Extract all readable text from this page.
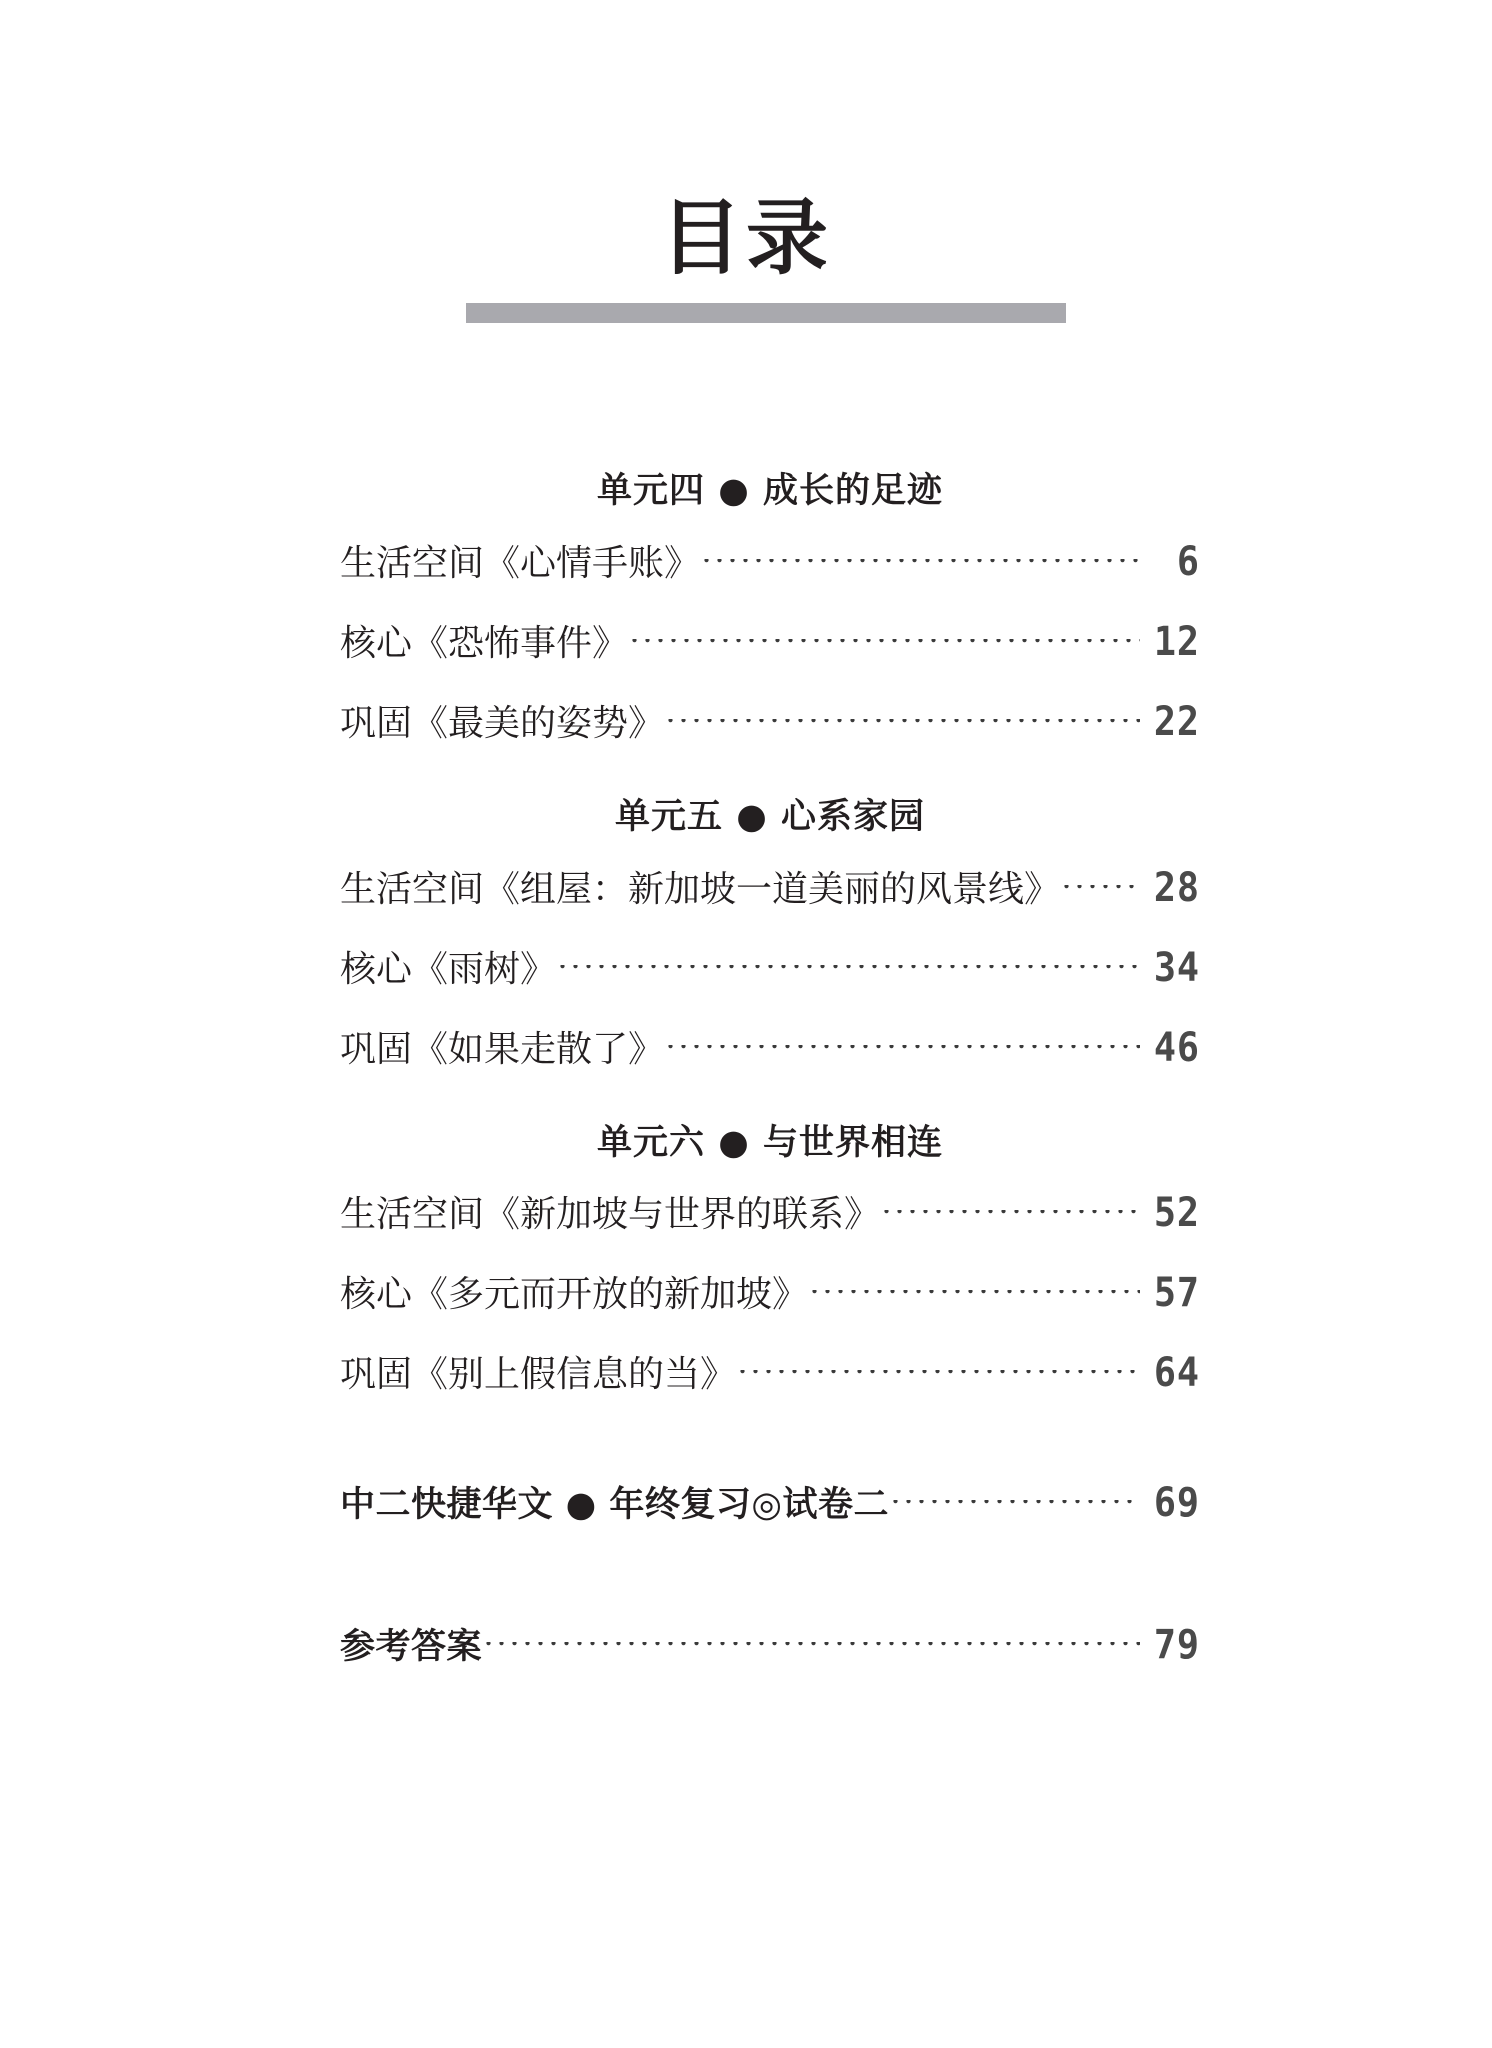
目录
单元四 ● 成长的足迹
生活空间《心情手账》 .....	6
核心《恐怖事件》 .....	12
巩固《最美的姿势》 .....	22
单元五 ● 心系家园
生活空间《组屋：新加坡一道美丽的风景线》 ..... 28
核心《雨树》 .....	34
巩固《如果走散了》 .....	46
单元六 ● 与世界相连
生活空间《新加坡与世界的联系》 .....	52
核心《多元而开放的新加坡》 .....	57
巩固《别上假信息的当》 .....	64
中二快捷华文 ● 年终复习◎试卷二 .....	69
参考答案 .....	79
